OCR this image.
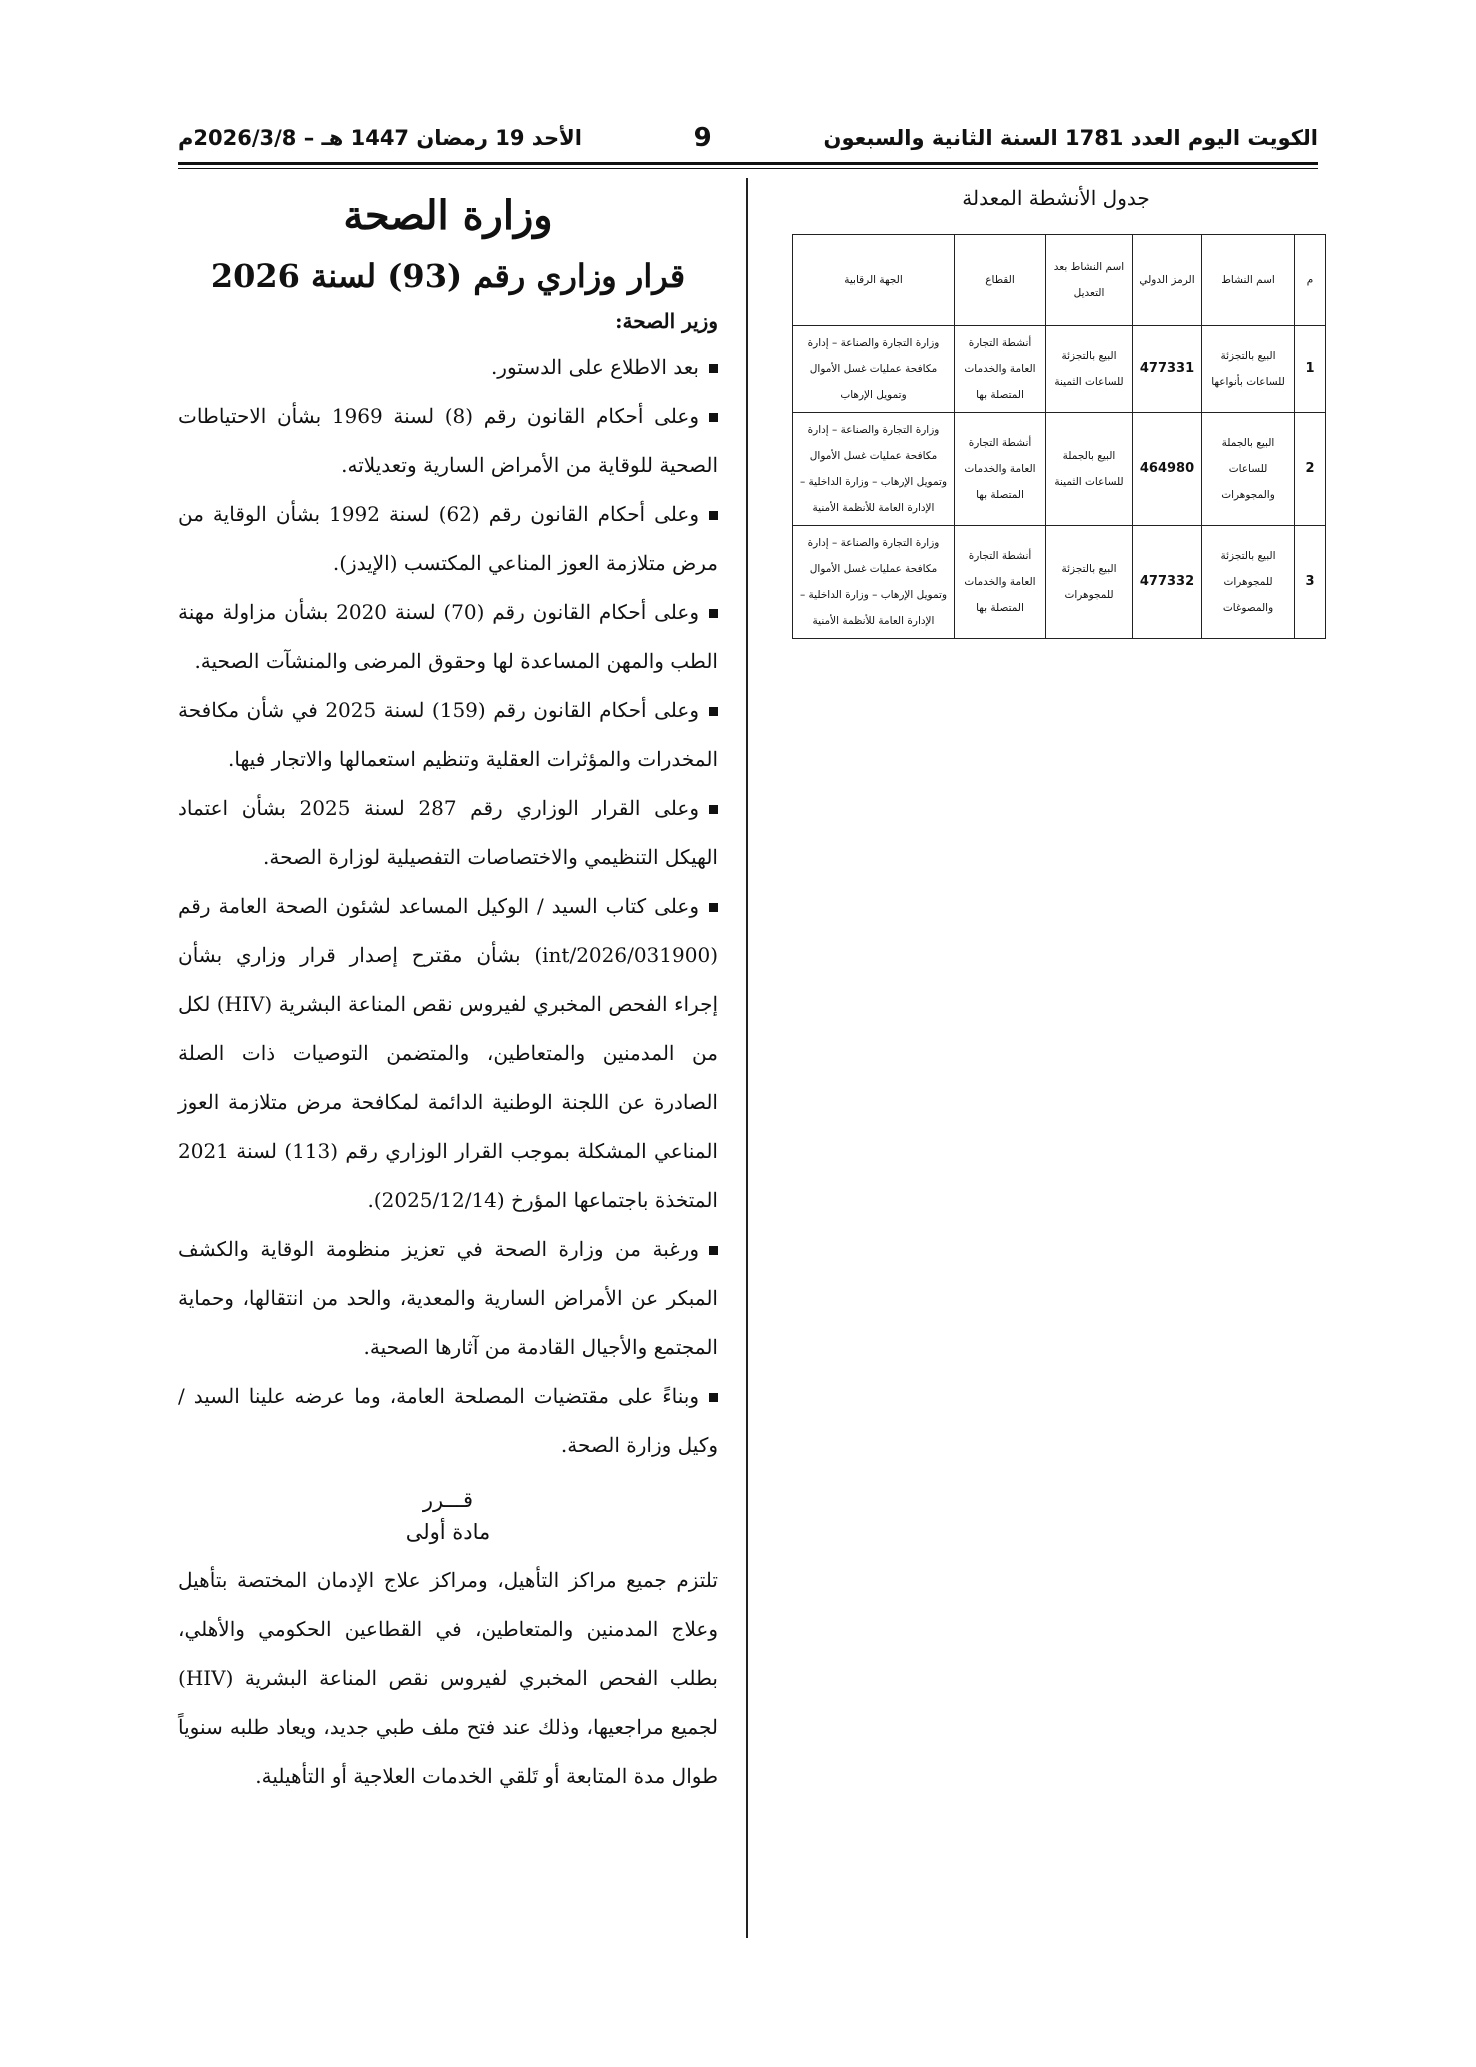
الأحد 19 رمضان 1447 هـ – 2026/3/8م	9	الكويت اليوم العدد 1781 السنة الثانية والسبعون
وزارة الصحة
قرار وزاري رقم (93) لسنة 2026
وزير الصحة:

بعد الاطلاع على الدستور.

وعلى أحكام القانون رقم (8) لسنة 1969 بشأن الاحتياطات الصحية للوقاية من الأمراض السارية وتعديلاته.

وعلى أحكام القانون رقم (62) لسنة 1992 بشأن الوقاية من مرض متلازمة العوز المناعي المكتسب (الإيدز).

وعلى أحكام القانون رقم (70) لسنة 2020 بشأن مزاولة مهنة الطب والمهن المساعدة لها وحقوق المرضى والمنشآت الصحية.

وعلى أحكام القانون رقم (159) لسنة 2025 في شأن مكافحة المخدرات والمؤثرات العقلية وتنظيم استعمالها والاتجار فيها.

وعلى القرار الوزاري رقم 287 لسنة 2025 بشأن اعتماد الهيكل التنظيمي والاختصاصات التفصيلية لوزارة الصحة.

وعلى كتاب السيد / الوكيل المساعد لشئون الصحة العامة رقم (int/2026/031900) بشأن مقترح إصدار قرار وزاري بشأن إجراء الفحص المخبري لفيروس نقص المناعة البشرية (HIV) لكل من المدمنين والمتعاطين، والمتضمن التوصيات ذات الصلة الصادرة عن اللجنة الوطنية الدائمة لمكافحة مرض متلازمة العوز المناعي المشكلة بموجب القرار الوزاري رقم (113) لسنة 2021 المتخذة باجتماعها المؤرخ (2025/12/14).

ورغبة من وزارة الصحة في تعزيز منظومة الوقاية والكشف المبكر عن الأمراض السارية والمعدية، والحد من انتقالها، وحماية المجتمع والأجيال القادمة من آثارها الصحية.

وبناءً على مقتضيات المصلحة العامة، وما عرضه علينا السيد / وكيل وزارة الصحة.

قـــرر
مادة أولى

تلتزم جميع مراكز التأهيل، ومراكز علاج الإدمان المختصة بتأهيل وعلاج المدمنين والمتعاطين، في القطاعين الحكومي والأهلي، بطلب الفحص المخبري لفيروس نقص المناعة البشرية (HIV) لجميع مراجعيها، وذلك عند فتح ملف طبي جديد، ويعاد طلبه سنوياً طوال مدة المتابعة أو تَلقي الخدمات العلاجية أو التأهيلية.

جدول الأنشطة المعدلة
م	اسم النشاط	الرمز الدولي	اسم النشاط بعد التعديل	القطاع	الجهة الرقابية
1	البيع بالتجزئة للساعات بأنواعها	477331	البيع بالتجزئة للساعات الثمينة	أنشطة التجارة العامة والخدمات المتصلة بها	وزارة التجارة والصناعة – إدارة مكافحة عمليات غسل الأموال وتمويل الإرهاب
2	البيع بالجملة للساعات والمجوهرات	464980	البيع بالجملة للساعات الثمينة	أنشطة التجارة العامة والخدمات المتصلة بها	وزارة التجارة والصناعة – إدارة مكافحة عمليات غسل الأموال وتمويل الإرهاب – وزارة الداخلية – الإدارة العامة للأنظمة الأمنية
3	البيع بالتجزئة للمجوهرات والمصوغات	477332	البيع بالتجزئة للمجوهرات	أنشطة التجارة العامة والخدمات المتصلة بها	وزارة التجارة والصناعة – إدارة مكافحة عمليات غسل الأموال وتمويل الإرهاب – وزارة الداخلية – الإدارة العامة للأنظمة الأمنية
